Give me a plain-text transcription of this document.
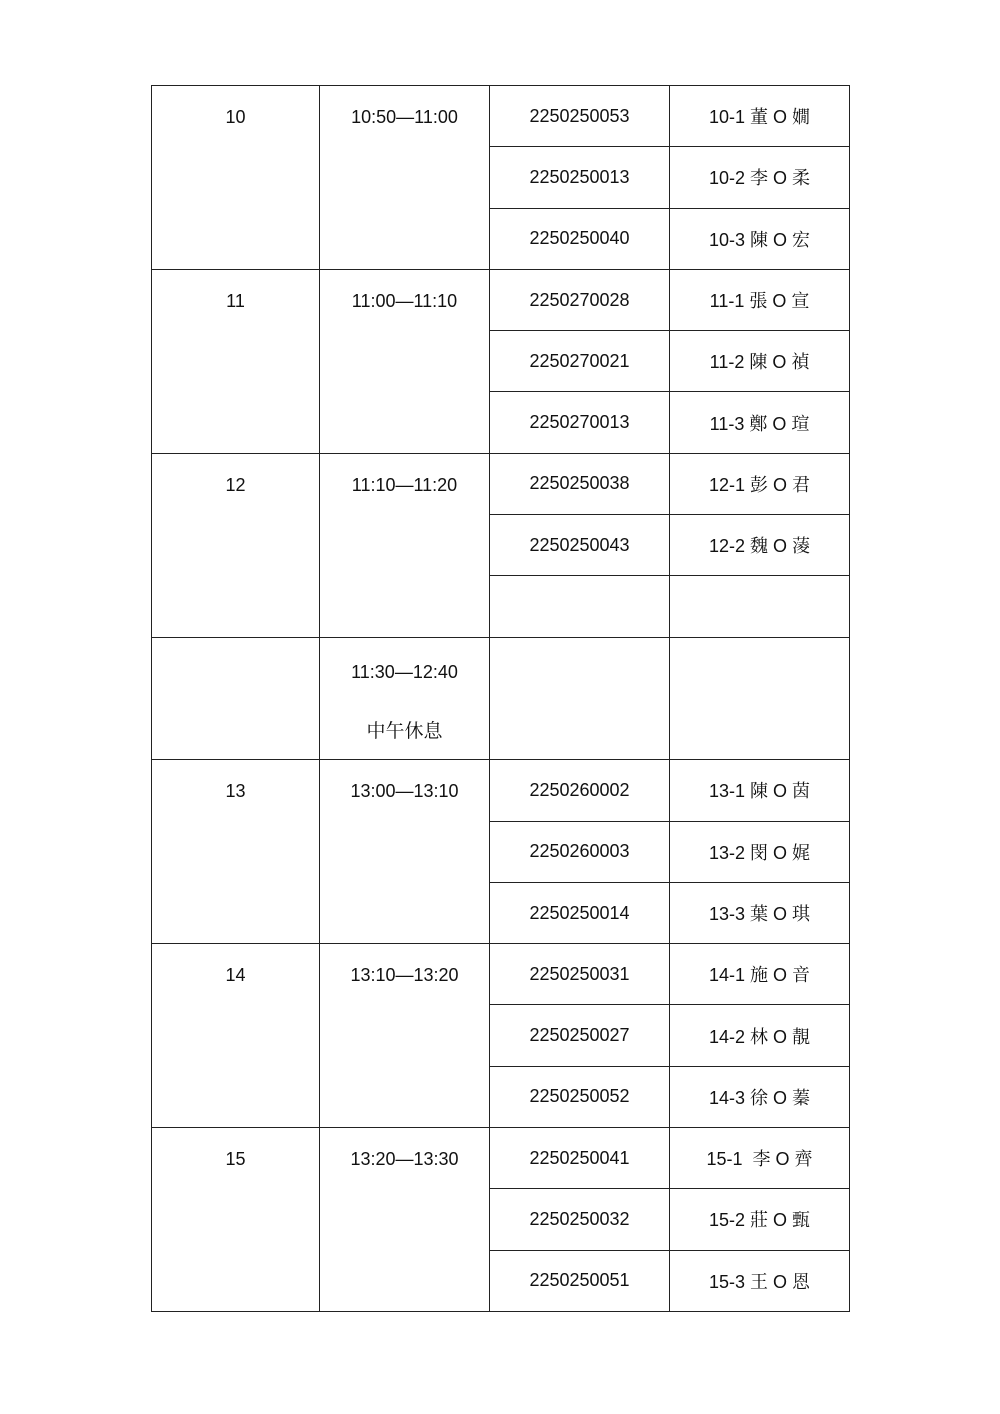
10	10:50—11:00	2250250053	10-1 董 O 嫺
		2250250013	10-2 李 O 柔
		2250250040	10-3 陳 O 宏
11	11:00—11:10	2250270028	11-1 張 O 宣
		2250270021	11-2 陳 O 禎
		2250270013	11-3 鄭 O 瑄
12	11:10—11:20	2250250038	12-1 彭 O 君
		2250250043	12-2 魏 O 蓤

	11:30—12:40
中午休息		

13	13:00—13:10	2250260002	13-1 陳 O 茵
		2250260003	13-2 閔 O 娓
		2250250014	13-3 葉 O 琪
14	13:10—13:20	2250250031	14-1 施 O 音
		2250250027	14-2 林 O 靚
		2250250052	14-3 徐 O 蓁
15	13:20—13:30	2250250041	15-1  李 O 齊
		2250250032	15-2 莊 O 甄
		2250250051	15-3 王 O 恩
